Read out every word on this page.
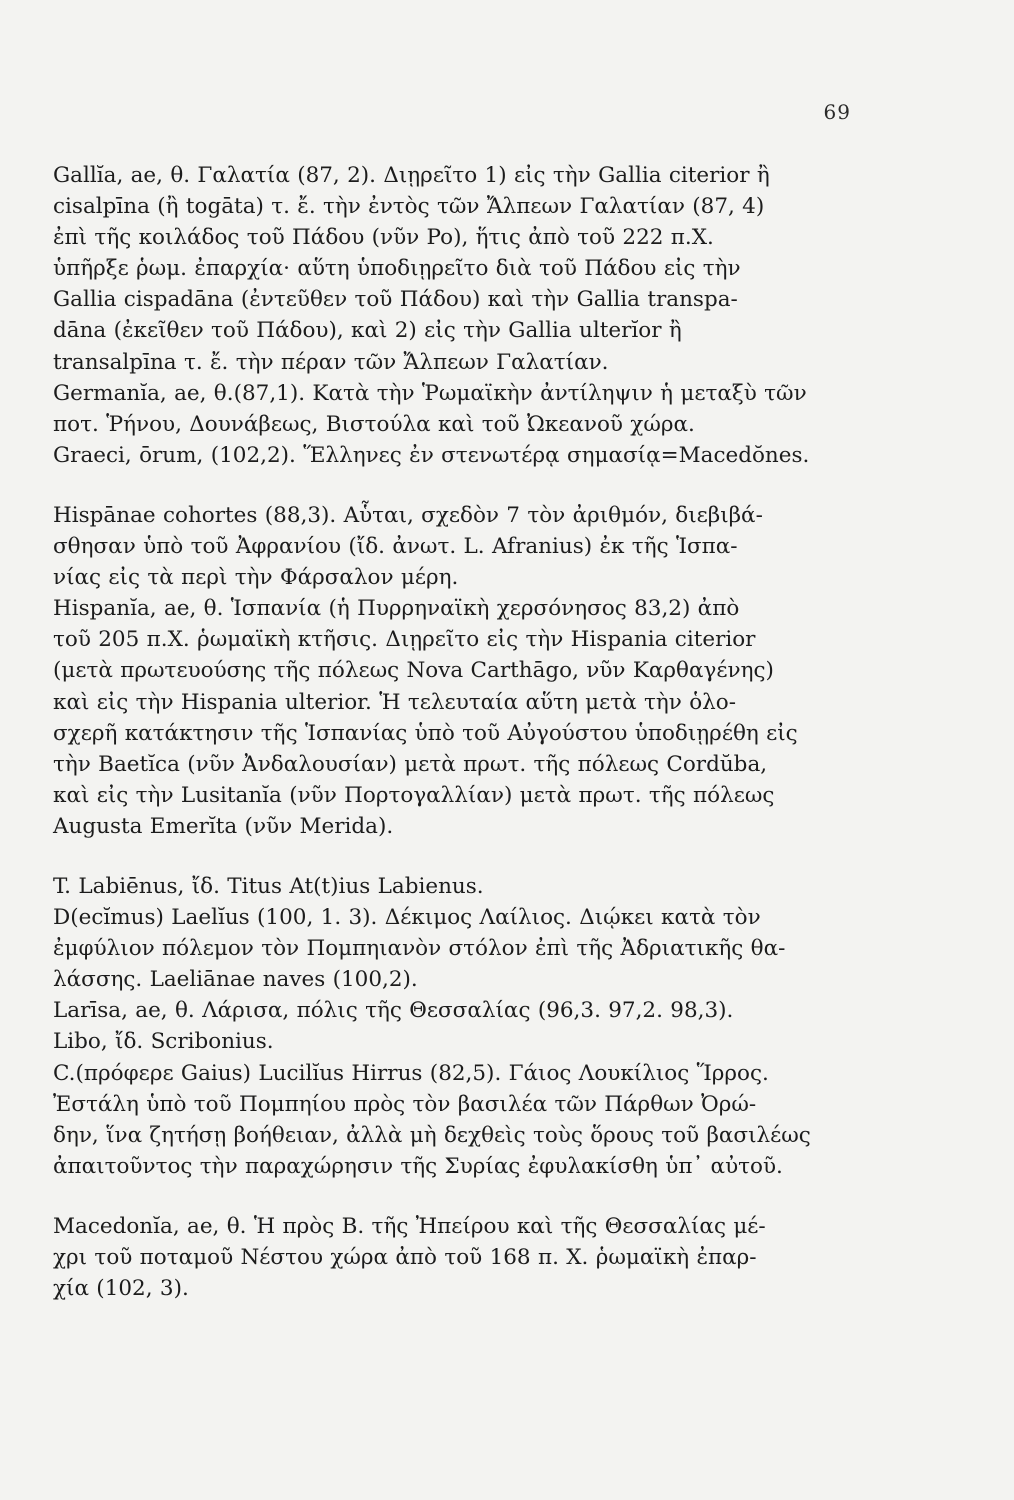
69

Gallĭa, ae, θ. Γαλατία (87, 2). Διῃρεῖτο 1) εἰς τὴν Gallia citerior ἢ
cisalpīna (ἢ togāta) τ. ἔ. τὴν ἐντὸς τῶν Ἄλπεων Γαλατίαν (87, 4)
ἐπὶ τῆς κοιλάδος τοῦ Πάδου (νῦν Po), ἥτις ἀπὸ τοῦ 222 π.Χ.
ὑπῆρξε ῥωμ. ἐπαρχία· αὕτη ὑποδιῃρεῖτο διὰ τοῦ Πάδου εἰς τὴν
Gallia cispadāna (ἐντεῦθεν τοῦ Πάδου) καὶ τὴν Gallia transpa-
dāna (ἐκεῖθεν τοῦ Πάδου), καὶ 2) εἰς τὴν Gallia ulterĭor ἢ
transalpīna τ. ἔ. τὴν πέραν τῶν Ἄλπεων Γαλατίαν.

Germanĭa, ae, θ.(87,1). Κατὰ τὴν Ῥωμαϊκὴν ἀντίληψιν ἡ μεταξὺ τῶν
ποτ. Ῥήνου, Δουνάβεως, Βιστούλα καὶ τοῦ Ὠκεανοῦ χώρα.

Graeci, ōrum, (102,2). Ἕλληνες ἐν στενωτέρᾳ σημασίᾳ=Macedŏnes.

Hispānae cohortes (88,3). Αὗται, σχεδὸν 7 τὸν ἀριθμόν, διεβιβά-
σθησαν ὑπὸ τοῦ Ἀφρανίου (ἴδ. ἀνωτ. L. Afranius) ἐκ τῆς Ἱσπα-
νίας εἰς τὰ περὶ τὴν Φάρσαλον μέρη.

Hispanĭa, ae, θ. Ἱσπανία (ἡ Πυρρηναϊκὴ χερσόνησος 83,2) ἀπὸ
τοῦ 205 π.Χ. ῥωμαϊκὴ κτῆσις. Διῃρεῖτο εἰς τὴν Hispania citerior
(μετὰ πρωτευούσης τῆς πόλεως Nova Carthāgo, νῦν Καρθαγένης)
καὶ εἰς τὴν Hispania ulterior. Ἡ τελευταία αὕτη μετὰ τὴν ὁλο-
σχερῆ κατάκτησιν τῆς Ἱσπανίας ὑπὸ τοῦ Αὐγούστου ὑποδιῃρέθη εἰς
τὴν Baetĭca (νῦν Ἀνδαλουσίαν) μετὰ πρωτ. τῆς πόλεως Cordŭba,
καὶ εἰς τὴν Lusitanĭa (νῦν Πορτογαλλίαν) μετὰ πρωτ. τῆς πόλεως
Augusta Emerĭta (νῦν Merida).

T. Labiēnus, ἴδ. Titus At(t)ius Labienus.

D(ecĭmus) Laelĭus (100, 1. 3). Δέκιμος Λαίλιος. Διῴκει κατὰ τὸν
ἐμφύλιον πόλεμον τὸν Πομπηιανὸν στόλον ἐπὶ τῆς Ἀδριατικῆς θα-
λάσσης. Laeliānae naves (100,2).

Larīsa, ae, θ. Λάρισα, πόλις τῆς Θεσσαλίας (96,3. 97,2. 98,3).

Libo, ἴδ. Scribonius.

C.(πρόφερε Gaius) Lucilĭus Hirrus (82,5). Γάιος Λουκίλιος Ἵρρος.
Ἐστάλη ὑπὸ τοῦ Πομπηίου πρὸς τὸν βασιλέα τῶν Πάρθων Ὀρώ-
δην, ἵνα ζητήσῃ βοήθειαν, ἀλλὰ μὴ δεχθεὶς τοὺς ὅρους τοῦ βασιλέως
ἀπαιτοῦντος τὴν παραχώρησιν τῆς Συρίας ἐφυλακίσθη ὑπ᾽ αὐτοῦ.

Macedonĭa, ae, θ. Ἡ πρὸς Β. τῆς Ἠπείρου καὶ τῆς Θεσσαλίας μέ-
χρι τοῦ ποταμοῦ Νέστου χώρα ἀπὸ τοῦ 168 π. Χ. ῥωμαϊκὴ ἐπαρ-
χία (102, 3).
